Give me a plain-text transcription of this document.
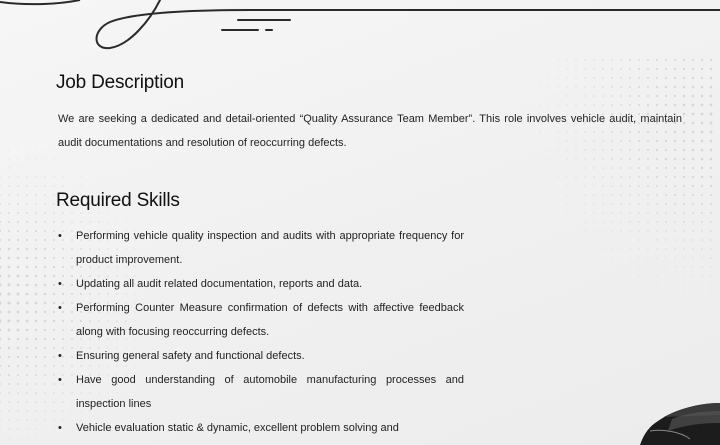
Job Description

We are seeking a dedicated and detail-oriented “Quality Assurance Team Member”. This role involves vehicle audit, maintain audit documentations and resolution of reoccurring defects.

Required Skills
• Performing vehicle quality inspection and audits with appropriate frequency for product improvement.
• Updating all audit related documentation, reports and data.
• Performing Counter Measure confirmation of defects with affective feedback along with focusing reoccurring defects.
• Ensuring general safety and functional defects.
• Have good understanding of automobile manufacturing processes and inspection lines
• Vehicle evaluation static & dynamic, excellent problem solving and
